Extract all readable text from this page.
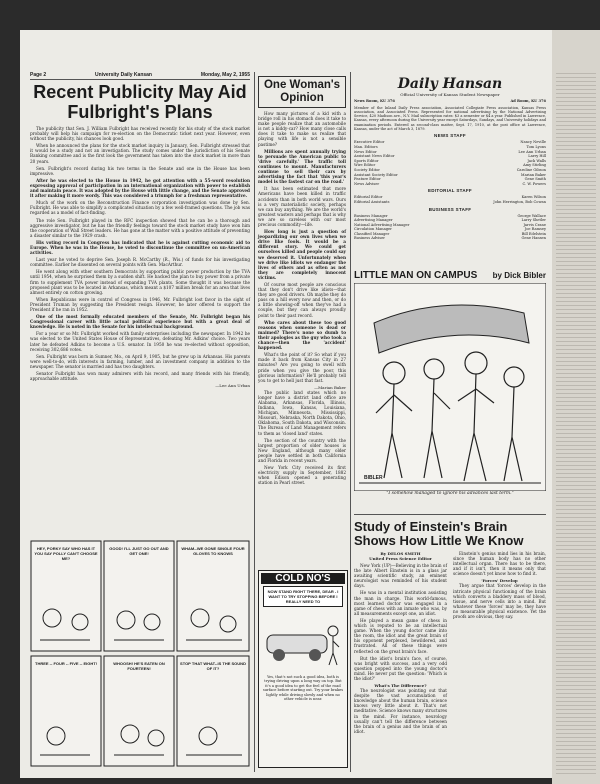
Page 2	University Daily Kansan	Monday, May 2, 1955
Recent Publicity May Aid Fulbright's Plans

The publicity that Sen. J. William Fulbright has received recently for his study of the stock market probably will help his campaign for re-election on the Democratic ticket next year. However, even without the publicity, his chances look good.

When he announced the plans for the stock market inquiry in January, Sen. Fulbright stressed that it would be a study and not an investigation. The study comes under the jurisdiction of his Senate Banking committee and is the first look the government has taken into the stock market in more than 20 years.

Sen. Fulbright's record during his two terms in the Senate and one in the House has been impressive.

After he was elected to the House in 1942, he got attention with a 55-word resolution expressing approval of participation in an international organization with power to establish and maintain peace. It was adopted by the House with little change, and the Senate approved it after making it more wordy. This was considered a triumph for a freshman representative.

Much of the work on the Reconstruction Finance corporation investigation was done by Sen. Fulbright. He was able to simplify a complicated situation by a few well-framed questions. The job was regarded as a model of fact-finding.

The role Sen. Fulbright played in the RFC inspection showed that he can be a thorough and aggressive investigator, but he has the friendly feelings toward the stock market study have won him the cooperation of Wall Street leaders. He has gone at the matter with a positive attitude of preventing a disaster similar to the 1929 crash.

His voting record in Congress has indicated that he is against cutting economic aid to Europe. When he was in the House, he voted to discontinue the committee on un-American activities.

Last year he voted to deprive Sen. Joseph R. McCarthy (R., Wis.) of funds for his investigating committee. Earlier he dissented on several points with Gen. MacArthur.

He went along with other southern Democrats by supporting public power production by the TVA until 1954, when he surprised them by a sudden shift. He backed the plan to buy power from a private firm to supplement TVA power instead of expanding TVA plants. Some thought it was because the proposed plant was to be located in Arkansas, which meant a $107 million break for an area that lives almost entirely on cotton growing.

When Republicans were in control of Congress in 1946, Mr. Fulbright lost favor in the sight of President Truman by suggesting the President resign. However, he later offered to support the President if he ran in 1952.

One of the most formally educated members of the Senate, Mr. Fulbright began his Congressional career with little actual political experience but with a great deal of knowledge. He is noted in the Senate for his intellectual background.

For a year or so Mr. Fulbright worked with family enterprises including the newspaper. In 1942 he was elected to the United States House of Representatives, defeating Mr. Adkins' choice. Two years later he defeated Adkins to become a U.S. senator. In 1950 he was re-elected without opposition, receiving 302,686 votes.

Sen. Fulbright was born in Sumner, Mo., on April 9, 1905, but he grew up in Arkansas. His parents were well-to-do, with interests in farming, lumber, and an investment company in addition to the newspaper. The senator is married and has two daughters.

Senator Fulbright has won many admirers with his record, and many friends with his friendly, approachable attitude.

—Lee Ann Urban
HEY, PORKY SAY WHO HAS IT YOU SAY POLLY CAN'T CHOOSE ME?
GOOD! I'LL JUST GO OUT AND GET ONE!
WHAM--WE GONE SINGLE FOUR GLOVES TO KNOWS
THREE -- FOUR -- FIVE -- EIGHT!	WHOOSH! HE'S EATEN ON FOURTEEN!
STOP THAT WHAT--IS THE SOUND OF IT?
One Woman's Opinion

How many pictures of a kid with a bridge roll in his stomach does it take to make people realize that an automobile is not a kiddy-car? How many close calls does it take to make us realize that playing with life is not a sensible pastime?

Millions are spent annually trying to persuade the American public to 'drive carefully.' The traffic toll continues to mount. Manufacturers continue to sell their cars by advertising the fact that 'this year's model is the fastest car on the road.'

It has been estimated that more Americans have been killed in traffic accidents than in both world wars. Ours is a very materialistic society, perhaps we can buy anything. We are the world's greatest wasters and perhaps that is why we are so careless with our most precious commodity—life.

How long is just a question of jeopardizing our own lives when we drive like fools. It would be a different story. We could get ourselves killed and people could say we deserved it. Unfortunately when we drive like idiots we endanger the lives of others and as often as not they are completely innocent victims.

Of course most people are conscious that they don't drive like idiots—that they are good drivers. Oh maybe they do pass on a hill every now and then, or do a little showing-off when they've had a couple, but they can always proudly point to their past record.

Who cares about these too good reasons when someone is dead or maimed? There's none so dumb to their apologies as the guy who took a chance—then the 'accident' happened.

What's the point of it? So what if you made it back from Kansas City in 27 minutes? Are you going to swell with pride when you give the poor, this glorious information? He'll probably tell you to get to hell just that fast.

—Marian Baker

The public land states which no longer have a district land office are Alabama, Arkansas, Florida, Illinois, Indiana, Iowa, Kansas, Louisiana, Michigan, Minnesota, Mississippi, Missouri, Nebraska, North Dakota, Ohio, Oklahoma, South Dakota, and Wisconsin. The Bureau of Land Management refers to them as 'closed land' states.

The section of the country with the largest proportion of older houses is New England, although many older people have settled in both California and Florida in recent years.

New York City received its first electricity supply in September, 1882 when Edison opened a generating station in Pearl street.

COLD NO'S
NOW STAND RIGHT THERE, DEAR - I WANT TO TRY STOPPING BEFORE I REALLY NEED TO
Yes, that's not such a good idea, both is trying driving upon a long way on top. But it's a good idea to get the feel of the road surface before starting out. Try your brakes lightly while driving slowly and when no other vehicle is near.
Daily Hansan
Official University of Kansas Student Newspaper
News Room, KU 376	Ad Room, KU 376
Member of the Inland Daily Press association, Associated Collegiate Press association, Kansas Press association, and Associated Press. Represented for national advertising by the National Advertising Service, 420 Madison ave., N.Y. Mail subscription rates: $3 a semester or $4 a year. Published in Lawrence, Kansas, every afternoon during the University year except Saturdays, Sundays, and University holidays and examination periods. Entered as second-class matter, Sept. 17, 1910, at the post office at Lawrence, Kansas, under the act of March 3, 1879.
NEWS STAFF
Executive Editor	Nancy Neville
Man. Editors	Tom Lyons
News Editor	Lee Ann Urban
Assistant News Editor	Larry Hill
Sports Editor	Jack Walls
Wire Editor	Amy Stirling
Society Editor	Caroline Gibson
Assistant Society Editor	Marian Baker
Feature Editor	Gene Smith
News Adviser	C. W. Powers
EDITORIAL STAFF
Editorial Editor	Karen Wilson
Editorial Assistants	John Herrington, Bob Cowan
BUSINESS STAFF
Business Manager	George Wallace
Advertising Manager	Larry Shetler
National Advertising Manager	Jarvis Crane
Circulation Manager	Joe Ramsey
Classified Manager	Bill Edelstein
Business Adviser	Gene Hansen
LITTLE MAN ON CAMPUS by Dick Bibler
BIBLER
"I somehow managed to ignore his advances last term."
Study of Einstein's Brain Shows How Little We Know
By DELOS SMITH
United Press Science Editor

New York (UP)—Believing in the brain of the late Albert Einstein is in a glass jar awaiting scientific study, an eminent neurologist was reminded of his student days.

He was in a mental institution assisting the man in charge. This world-famous, most learned doctor was engaged in a game of chess with an inmate who was, by all measurements except one, an idiot.

He played a mean game of chess in which is reputed to be an intellectual game. When the young doctor came into the room, the idiot and the great brain of his opponent perplexed, bewildered, and frustrated. All of these things were reflected on the great brain's face.

But the idiot's brain's face, of course, was bright with success, and a very odd question popped into the young doctor's mind. He never put the question: 'Which is the idiot?'

What's The Difference?

The neurologist was pointing out that despite the vast accumulation of knowledge about the human brain, science knows very little about it. That's not meditative. Science knows many structures in the mind. For instance, neurology usually can't tell the difference between the brain of a genius and the brain of an idiot.

Einstein's genius mind lies in his brain, since the human body has no other intellectual organ. There has to be there, and if it isn't, then it means only that science doesn't yet know how to find it.

'Forces' Develop

They argue that 'forces' develop in the intricate physical functioning of the brain which converts a bladdery mass of blood, tissue, and nerve cells into a mind. But whatever these 'forces' may be, they have no measurable physical existence. Yet the proofs are obvious, they say.
